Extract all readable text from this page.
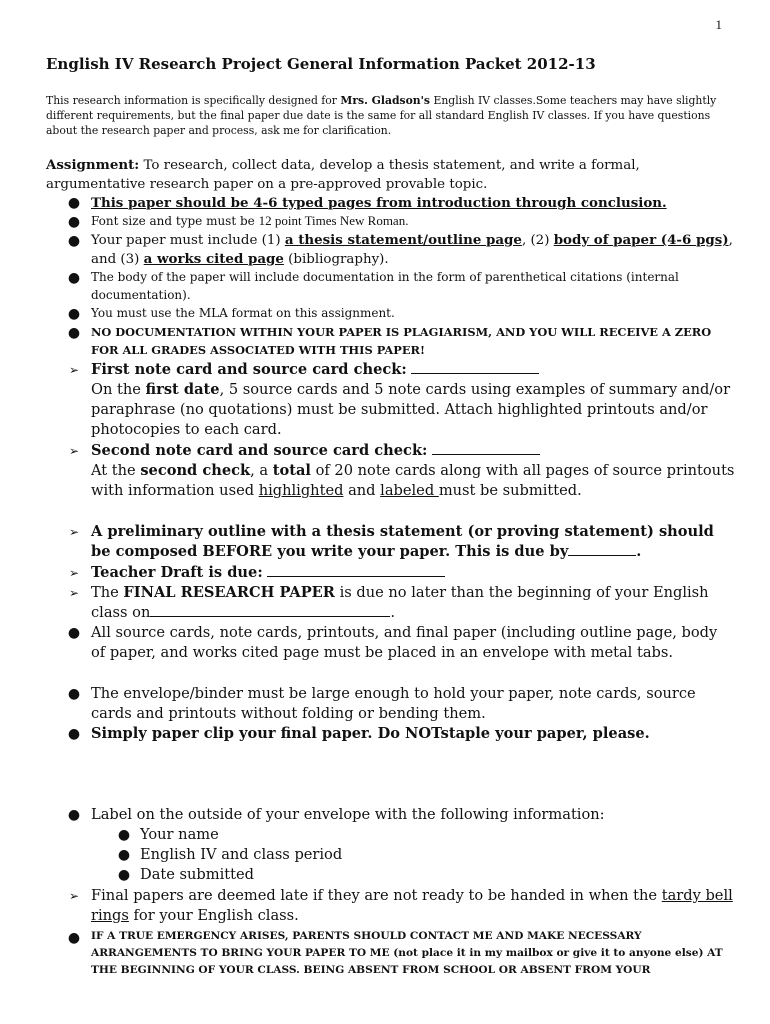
1
English IV Research Project General Information Packet 2012-13
This research information is specifically designed for Mrs. Gladson's English IV classes.Some teachers may have slightly different requirements, but the final paper due date is the same for all standard English IV classes. If you have questions about the research paper and process, ask me for clarification.
Assignment: To research, collect data, develop a thesis statement, and write a formal, argumentative research paper on a pre-approved provable topic.
● This paper should be 4-6 typed pages from introduction through conclusion.
● Font size and type must be 12 point Times New Roman.
● Your paper must include (1) a thesis statement/outline page, (2) body of paper (4-6 pgs), and (3) a works cited page (bibliography).
● The body of the paper will include documentation in the form of parenthetical citations (internal documentation).
● You must use the MLA format on this assignment.
● NO DOCUMENTATION WITHIN YOUR PAPER IS PLAGIARISM, AND YOU WILL RECEIVE A ZERO FOR ALL GRADES ASSOCIATED WITH THIS PAPER!
➢ First note card and source card check:
On the first date, 5 source cards and 5 note cards using examples of summary and/or paraphrase (no quotations) must be submitted. Attach highlighted printouts and/or photocopies to each card.
➢ Second note card and source card check:
At the second check, a total of 20 note cards along with all pages of source printouts with information used highlighted and labeled must be submitted.
➢ A preliminary outline with a thesis statement (or proving statement) should be composed BEFORE you write your paper. This is due by	.
➢ Teacher Draft is due:
➢ The FINAL RESEARCH PAPER is due no later than the beginning of your English class on	.
● All source cards, note cards, printouts, and final paper (including outline page, body of paper, and works cited page must be placed in an envelope with metal tabs.
● The envelope/binder must be large enough to hold your paper, note cards, source cards and printouts without folding or bending them.
● Simply paper clip your final paper. Do NOTstaple your paper, please.
● Label on the outside of your envelope with the following information:
● Your name
● English IV and class period
● Date submitted
➢ Final papers are deemed late if they are not ready to be handed in when the tardy bell rings for your English class.
● IF A TRUE EMERGENCY ARISES, PARENTS SHOULD CONTACT ME AND MAKE NECESSARY ARRANGEMENTS TO BRING YOUR PAPER TO ME (not place it in my mailbox or give it to anyone else) AT THE BEGINNING OF YOUR CLASS. BEING ABSENT FROM SCHOOL OR ABSENT FROM YOUR
